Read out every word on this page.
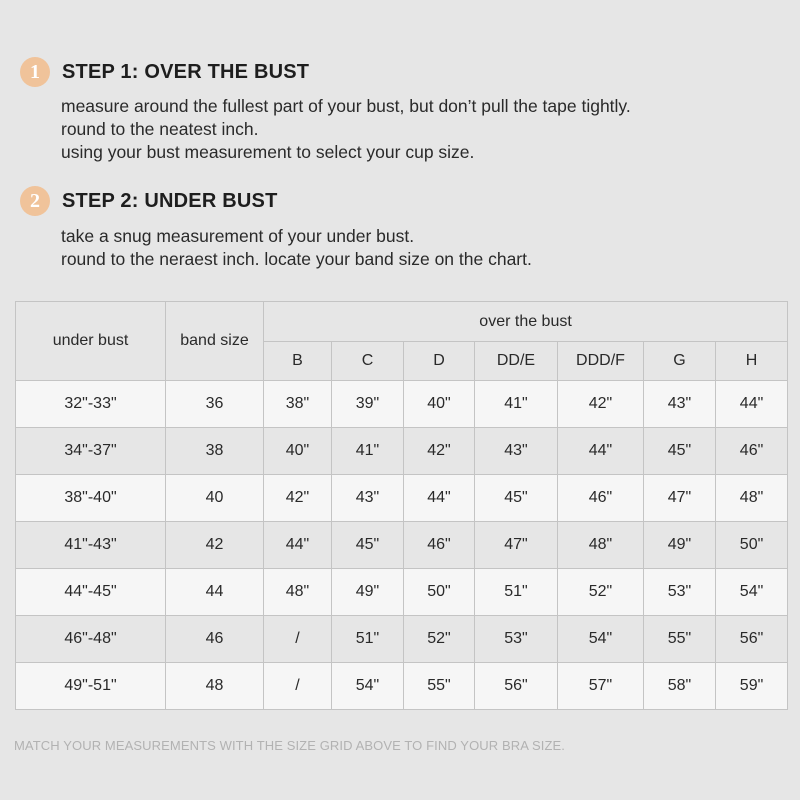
1	STEP 1: OVER THE BUST
measure around the fullest part of your bust, but don’t pull the tape tightly.
round to the neatest inch.
using your bust measurement to select your cup size.
2	STEP 2: UNDER BUST
take a snug measurement of your under bust.
round to the neraest inch. locate your band size on the chart.
under bust	band size	over the bust						
		B	C	D	DD/E	DDD/F	G	H
32"-33"	36	38"	39"	40"	41"	42"	43"	44"
34"-37"	38	40"	41"	42"	43"	44"	45"	46"
38"-40"	40	42"	43"	44"	45"	46"	47"	48"
41"-43"	42	44"	45"	46"	47"	48"	49"	50"
44"-45"	44	48"	49"	50"	51"	52"	53"	54"
46"-48"	46	/	51"	52"	53"	54"	55"	56"
49"-51"	48	/	54"	55"	56"	57"	58"	59"
MATCH YOUR MEASUREMENTS WITH THE SIZE GRID ABOVE TO FIND YOUR BRA SIZE.
